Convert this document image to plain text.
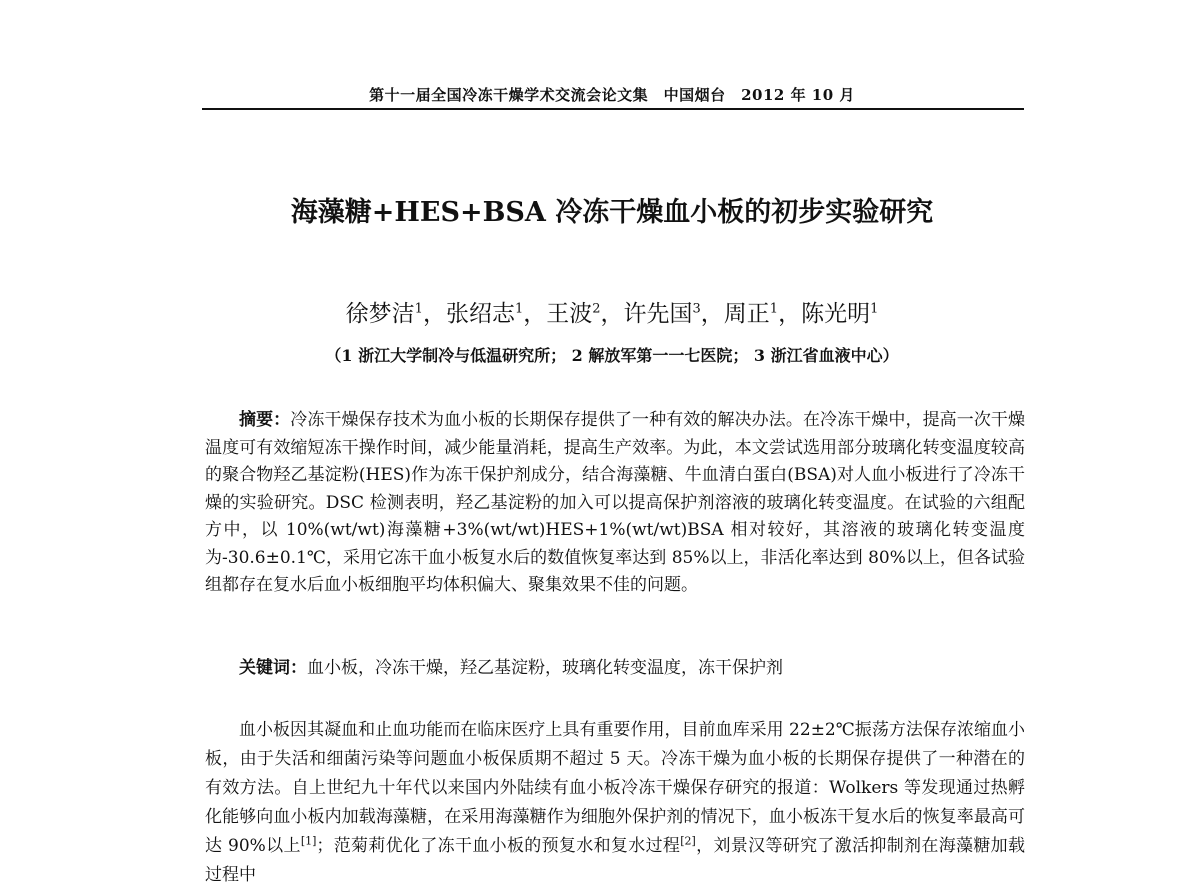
第十一届全国冷冻干燥学术交流会论文集　中国烟台　2012 年 10 月
海藻糖+HES+BSA 冷冻干燥血小板的初步实验研究
徐梦洁$^1$，张绍志$^1$，王波$^2$，许先国$^3$，周正$^1$，陈光明$^1$
（1 浙江大学制冷与低温研究所； 2 解放军第一一七医院； 3 浙江省血液中心）
摘要：冷冻干燥保存技术为血小板的长期保存提供了一种有效的解决办法。在冷冻干燥中，提高一次干燥温度可有效缩短冻干操作时间，减少能量消耗，提高生产效率。为此，本文尝试选用部分玻璃化转变温度较高的聚合物羟乙基淀粉(HES)作为冻干保护剂成分，结合海藻糖、牛血清白蛋白(BSA)对人血小板进行了冷冻干燥的实验研究。DSC 检测表明，羟乙基淀粉的加入可以提高保护剂溶液的玻璃化转变温度。在试验的六组配方中，以 10%(wt/wt)海藻糖+3%(wt/wt)HES+1%(wt/wt)BSA 相对较好，其溶液的玻璃化转变温度为-30.6±0.1℃，采用它冻干血小板复水后的数值恢复率达到 85%以上，非活化率达到 80%以上，但各试验组都存在复水后血小板细胞平均体积偏大、聚集效果不佳的问题。
关键词：血小板，冷冻干燥，羟乙基淀粉，玻璃化转变温度，冻干保护剂
血小板因其凝血和止血功能而在临床医疗上具有重要作用，目前血库采用 22±2℃振荡方法保存浓缩血小板，由于失活和细菌污染等问题血小板保质期不超过 5 天。冷冻干燥为血小板的长期保存提供了一种潜在的有效方法。自上世纪九十年代以来国内外陆续有血小板冷冻干燥保存研究的报道：Wolkers 等发现通过热孵化能够向血小板内加载海藻糖，在采用海藻糖作为细胞外保护剂的情况下，血小板冻干复水后的恢复率最高可达 90%以上[1]；范菊莉优化了冻干血小板的预复水和复水过程[2]，刘景汉等研究了激活抑制剂在海藻糖加载过程中
